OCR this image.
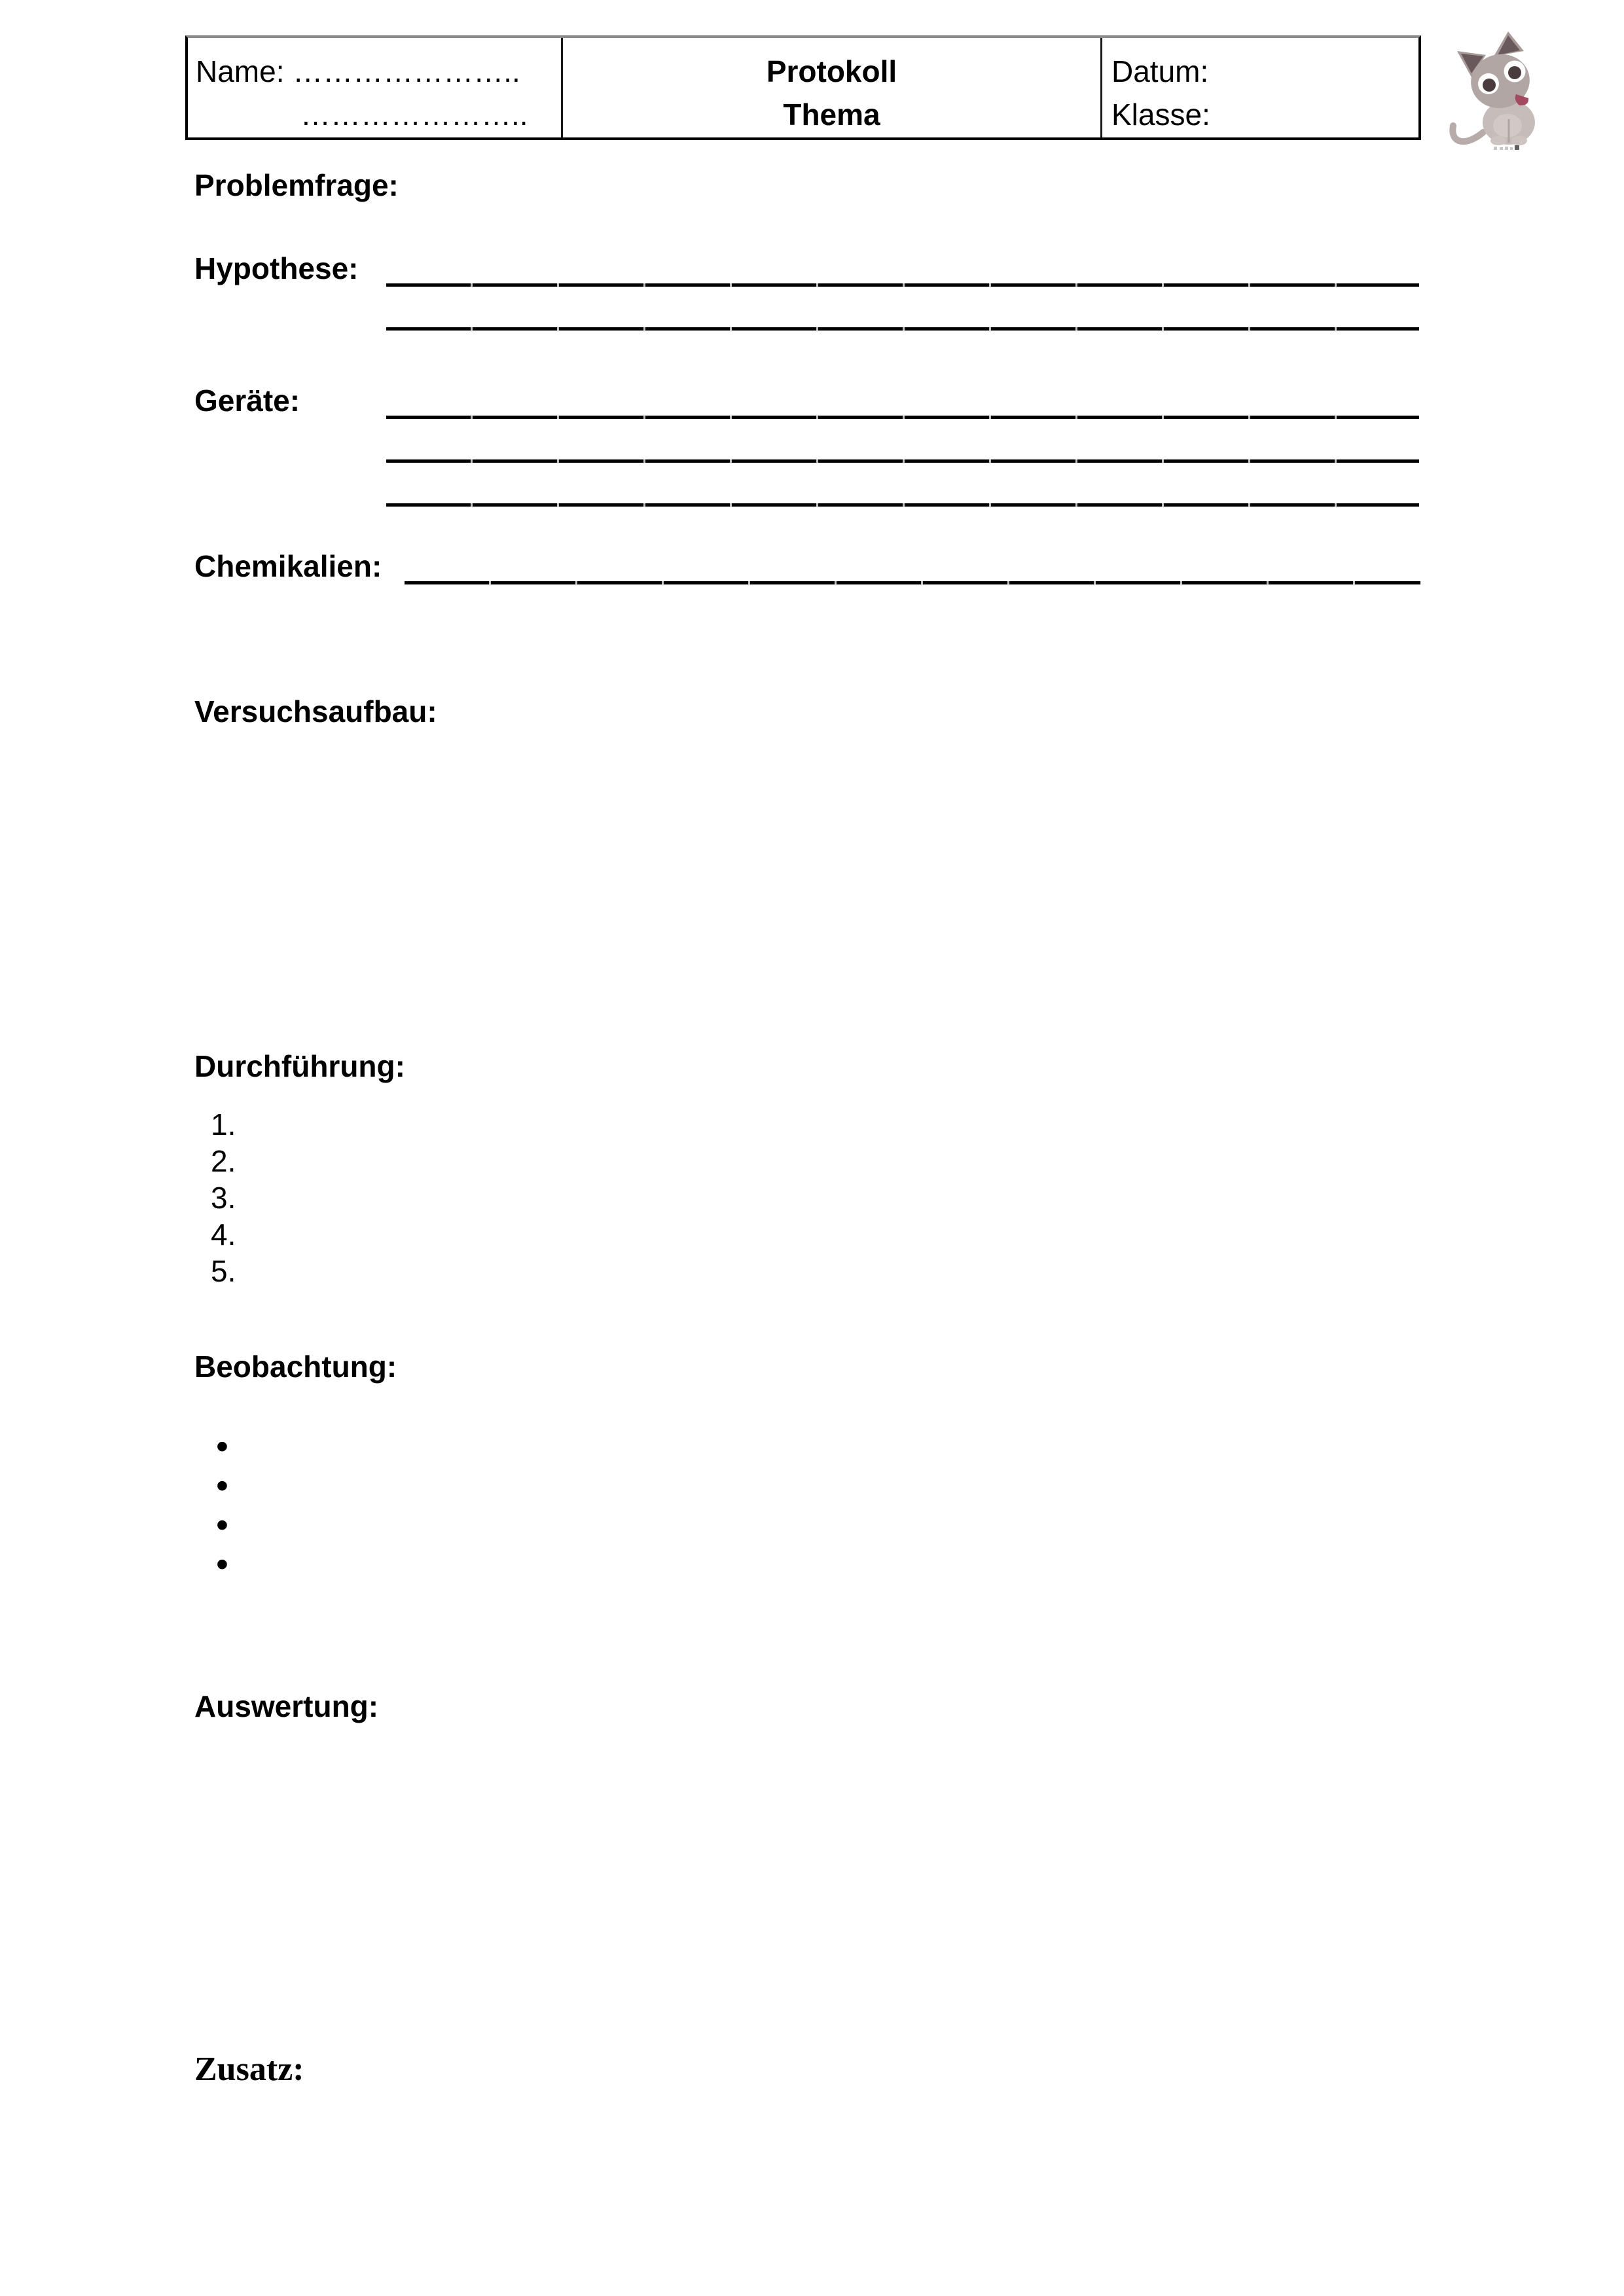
Name: …………………..
…………………..
Protokoll
Thema
Datum:
Klasse:
Problemfrage:
Hypothese:
Geräte:
Chemikalien:
Versuchsaufbau:
Durchführung:
Beobachtung:
Auswertung:
Zusatz:
1.
2.
3.
4.
5.
•
•
•
•
